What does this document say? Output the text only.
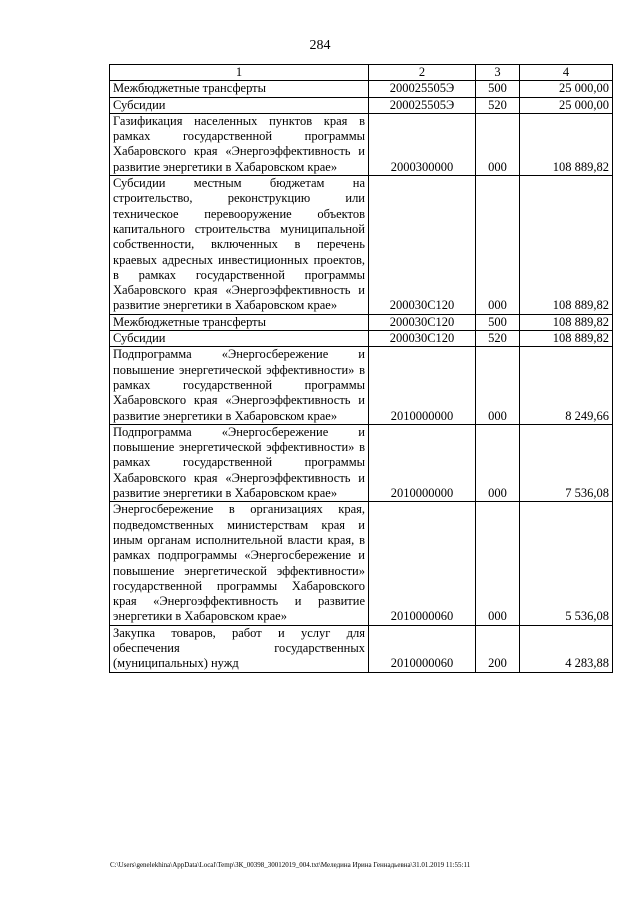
284
1	2	3	4
Межбюджетные трансферты	200025505Э	500	25 000,00
Субсидии	200025505Э	520	25 000,00
Газификация населенных пунктов края в рамках государственной программы Хабаровского края «Энергоэффективность и развитие энергетики в Хабаровском крае»	2000300000	000	108 889,82
Субсидии местным бюджетам на строительство, реконструкцию или техническое перевооружение объектов капитального строительства муниципальной собственности, включенных в перечень краевых адресных инвестиционных проектов, в рамках государственной программы Хабаровского края «Энергоэффективность и развитие энергетики в Хабаровском крае»	200030С120	000	108 889,82
Межбюджетные трансферты	200030С120	500	108 889,82
Субсидии	200030С120	520	108 889,82
Подпрограмма «Энергосбережение и повышение энергетической эффективности» в рамках государственной программы Хабаровского края «Энергоэффективность и развитие энергетики в Хабаровском крае»	2010000000	000	8 249,66
Подпрограмма «Энергосбережение и повышение энергетической эффективности» в рамках государственной программы Хабаровского края «Энергоэффективность и развитие энергетики в Хабаровском крае»	2010000000	000	7 536,08
Энергосбережение в организациях края, подведомственных министерствам края и иным органам исполнительной власти края, в рамках подпрограммы «Энергосбережение и повышение энергетической эффективности» государственной программы Хабаровского края «Энергоэффективность и развитие энергетики в Хабаровском крае»	2010000060	000	5 536,08
Закупка товаров, работ и услуг для обеспечения государственных (муниципальных) нужд	2010000060	200	4 283,88
C:\Users\genelekhina\AppData\Local\Temp\ЗК_00398_30012019_004.txt\Меледина Ирина Геннадьевна\31.01.2019 11:55:11
